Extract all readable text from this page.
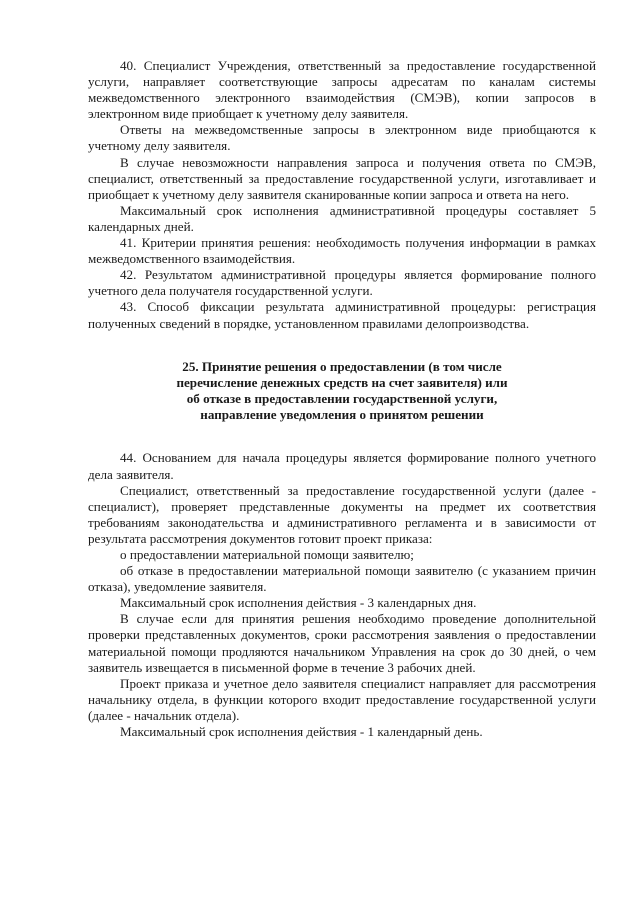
40. Специалист Учреждения, ответственный за предоставление государственной услуги, направляет соответствующие запросы адресатам по каналам системы межведомственного электронного взаимодействия (СМЭВ), копии запросов в электронном виде приобщает к учетному делу заявителя.

Ответы на межведомственные запросы в электронном виде приобщаются к учетному делу заявителя.

В случае невозможности направления запроса и получения ответа по СМЭВ, специалист, ответственный за предоставление государственной услуги, изготавливает и приобщает к учетному делу заявителя сканированные копии запроса и ответа на него.

Максимальный срок исполнения административной процедуры составляет 5 календарных дней.

41. Критерии принятия решения: необходимость получения информации в рамках межведомственного взаимодействия.

42. Результатом административной процедуры является формирование полного учетного дела получателя государственной услуги.

43. Способ фиксации результата административной процедуры: регистрация полученных сведений в порядке, установленном правилами делопроизводства.

25. Принятие решения о предоставлении (в том числе
перечисление денежных средств на счет заявителя) или
об отказе в предоставлении государственной услуги,
направление уведомления о принятом решении

44. Основанием для начала процедуры является формирование полного учетного дела заявителя.

Специалист, ответственный за предоставление государственной услуги (далее - специалист), проверяет представленные документы на предмет их соответствия требованиям законодательства и административного регламента и в зависимости от результата рассмотрения документов готовит проект приказа:

о предоставлении материальной помощи заявителю;

об отказе в предоставлении материальной помощи заявителю (с указанием причин отказа), уведомление заявителя.

Максимальный срок исполнения действия - 3 календарных дня.

В случае если для принятия решения необходимо проведение дополнительной проверки представленных документов, сроки рассмотрения заявления о предоставлении материальной помощи продляются начальником Управления на срок до 30 дней, о чем заявитель извещается в письменной форме в течение 3 рабочих дней.

Проект приказа и учетное дело заявителя специалист направляет для рассмотрения начальнику отдела, в функции которого входит предоставление государственной услуги (далее - начальник отдела).

Максимальный срок исполнения действия - 1 календарный день.
